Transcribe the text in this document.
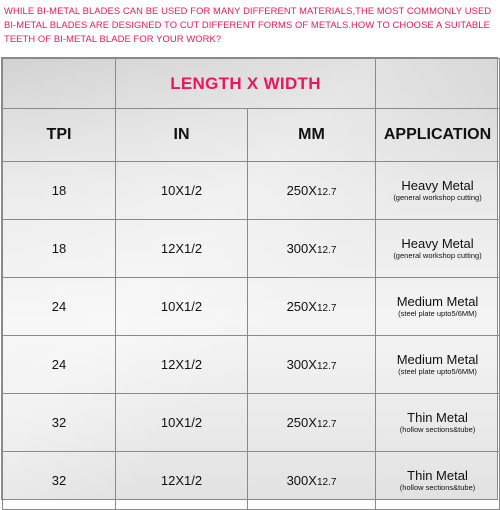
WHILE BI-METAL BLADES CAN BE USED FOR MANY DIFFERENT MATERIALS,THE MOST COMMONLY USED BI-METAL BLADES ARE DESIGNED TO CUT DIFFERENT FORMS OF METALS.HOW TO CHOOSE A SUITABLE TEETH OF BI-METAL BLADE FOR YOUR WORK?
	LENGTH X WIDTH		
TPI	IN	MM	APPLICATION
18	10X1/2	250X12.7	Heavy Metal
(general workshop cutting)

18	12X1/2	300X12.7	Heavy Metal
(general workshop cutting)

24	10X1/2	250X12.7	Medium Metal
(steel plate upto5/6MM)

24	12X1/2	300X12.7	Medium Metal
(steel plate upto5/6MM)

32	10X1/2	250X12.7	Thin Metal
(hollow sections&tube)

32	12X1/2	300X12.7	Thin Metal
(hollow sections&tube)
